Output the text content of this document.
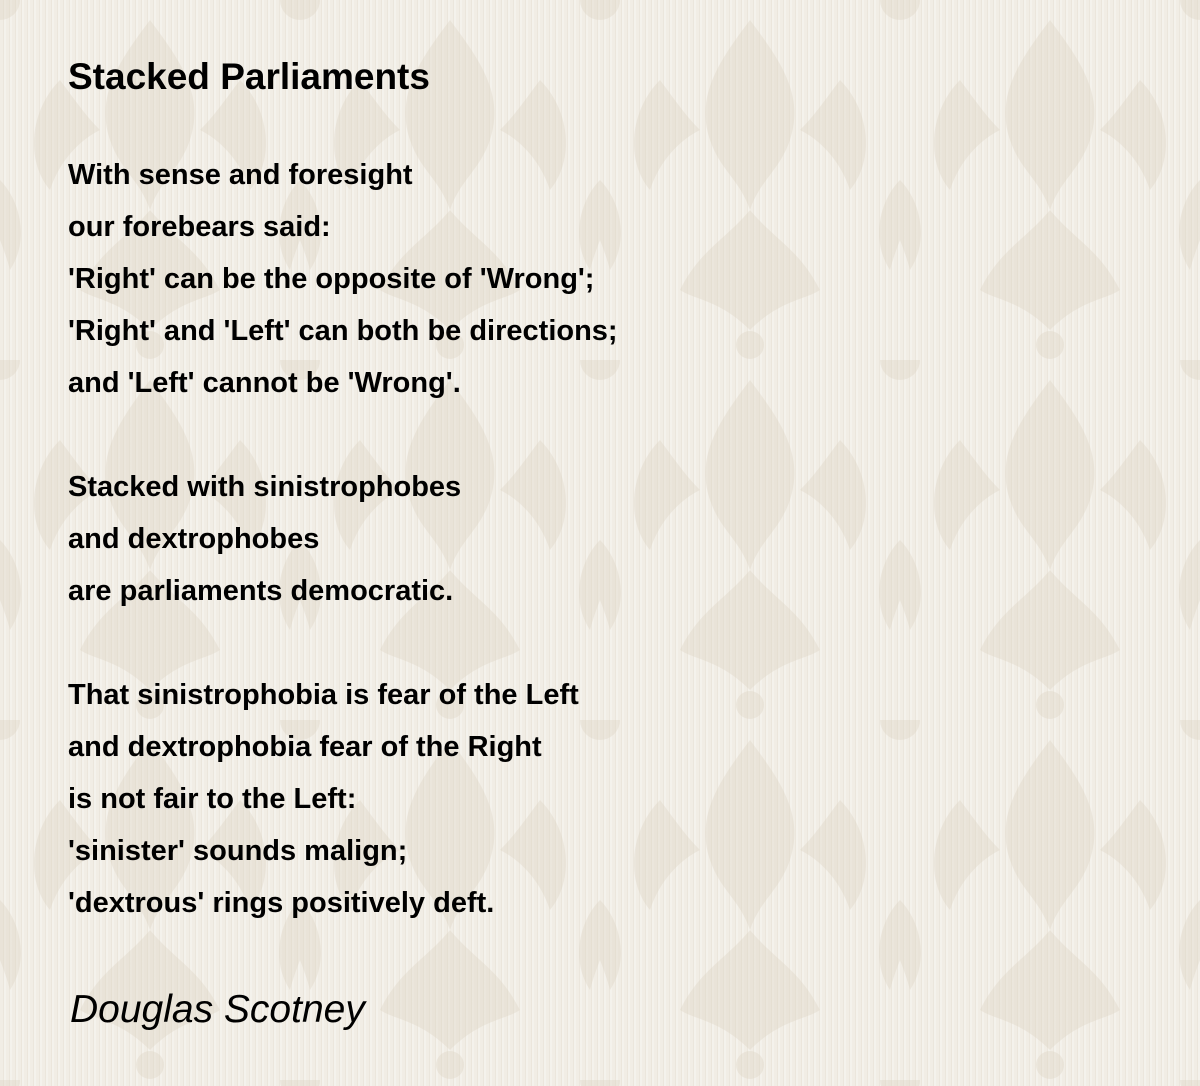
Stacked Parliaments
With sense and foresight
our forebears said:
'Right' can be the opposite of 'Wrong';
'Right' and 'Left' can both be directions;
and 'Left' cannot be 'Wrong'.
Stacked with sinistrophobes
and dextrophobes
are parliaments democratic.
That sinistrophobia is fear of the Left
and dextrophobia fear of the Right
is not fair to the Left:
'sinister' sounds malign;
'dextrous' rings positively deft.

Douglas Scotney
